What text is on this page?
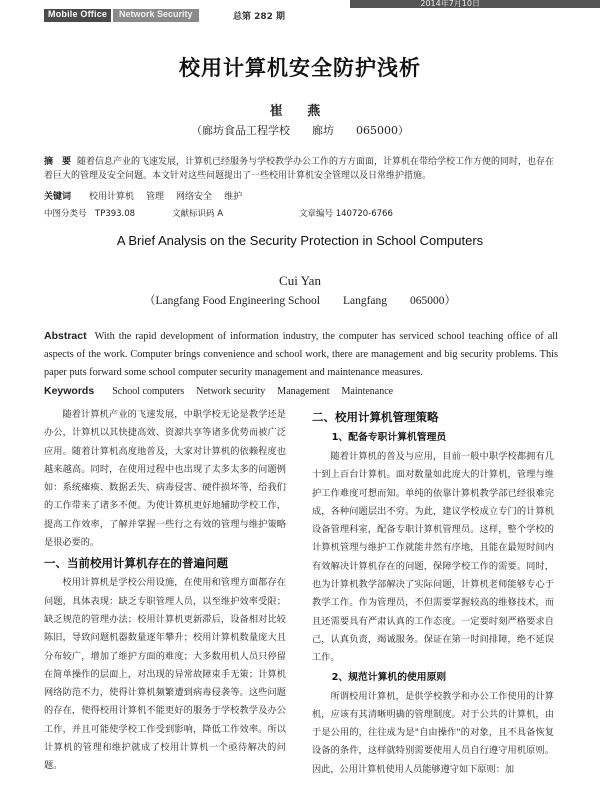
2014年7月10日
Mobile Office	Network Security	总第 282 期
校用计算机安全防护浅析
崔 燕
（廊坊食品工程学校　　廊坊　　065000）
摘　要 随着信息产业的飞速发展，计算机已经服务与学校教学办公工作的方方面面，计算机在带给学校工作方便的同时，也存在着巨大的管理及安全问题。本文针对这些问题提出了一些校用计算机安全管理以及日常维护措施。
关键词 校用计算机 管理 网络安全 维护
中图分类号　TP393.08	文献标识码 A	文章编号 140720-6766
A Brief Analysis on the Security Protection in School Computers
Cui Yan
（Langfang Food Engineering School　　Langfang　　065000）
Abstract With the rapid development of information industry, the computer has serviced school teaching office of all aspects of the work. Computer brings convenience and school work, there are management and big security problems. This paper puts forward some school computer security management and maintenance measures.
Keywords School computers Network security Management Maintenance

随着计算机产业的飞速发展，中职学校无论是教学还是办公，计算机以其快捷高效、资源共享等诸多优势而被广泛应用。随着计算机高度地普及，大家对计算机的依赖程度也越来越高。同时，在使用过程中也出现了太多太多的问题例如：系统瘫痪、数据丢失、病毒侵害、硬件损坏等，给我们的工作带来了诸多不便。为使计算机更好地辅助学校工作，提高工作效率，了解并掌握一些行之有效的管理与维护策略是很必要的。

一、当前校用计算机存在的普遍问题

校用计算机是学校公用设施，在使用和管理方面都存在问题，具体表现：缺乏专职管理人员，以至维护效率受限；缺乏规范的管理办法；校用计算机更新滞后，设备相对比较陈旧，导致问题机器数量逐年攀升；校用计算机数量庞大且分布较广，增加了维护方面的难度；大多数用机人员只停留在简单操作的层面上，对出现的异常故障束手无策；计算机网络防范不力，使得计算机频繁遭到病毒侵袭等。这些问题的存在，使得校用计算机不能更好的服务于学校教学及办公工作，并且可能使学校工作受到影响，降低工作效率。所以计算机的管理和维护就成了校用计算机一个亟待解决的问题。

二、校用计算机管理策略

1、配备专职计算机管理员

随着计算机的普及与应用，目前一般中职学校都拥有几十到上百台计算机。面对数量如此庞大的计算机，管理与维护工作难度可想而知。单纯的依靠计算机教学部已经很难完成，各种问题层出不穷。为此，建议学校成立专门的计算机设备管理科室，配备专职计算机管理员。这样，整个学校的计算机管理与维护工作就能井然有序地，且能在最短时间内有效解决计算机存在的问题，保障学校工作的需要。同时，也为计算机教学部解决了实际问题，计算机老师能够专心于教学工作。作为管理员，不但需要掌握较高的维修技术，而且还需要具有严肃认真的工作态度。一定要时刻严格要求自己，认真负责，竭诚服务。保证在第一时间排障，绝不延误工作。

2、规范计算机的使用原则

所谓校用计算机，是供学校教学和办公工作使用的计算机，应该有其清晰明确的管理制度。对于公共的计算机，由于是公用的，往往成为是"自由操作"的对象，且不具备恢复设备的条件，这样就特别需要使用人员自行遵守用机原则。因此，公用计算机使用人员能够遵守如下原则：加
